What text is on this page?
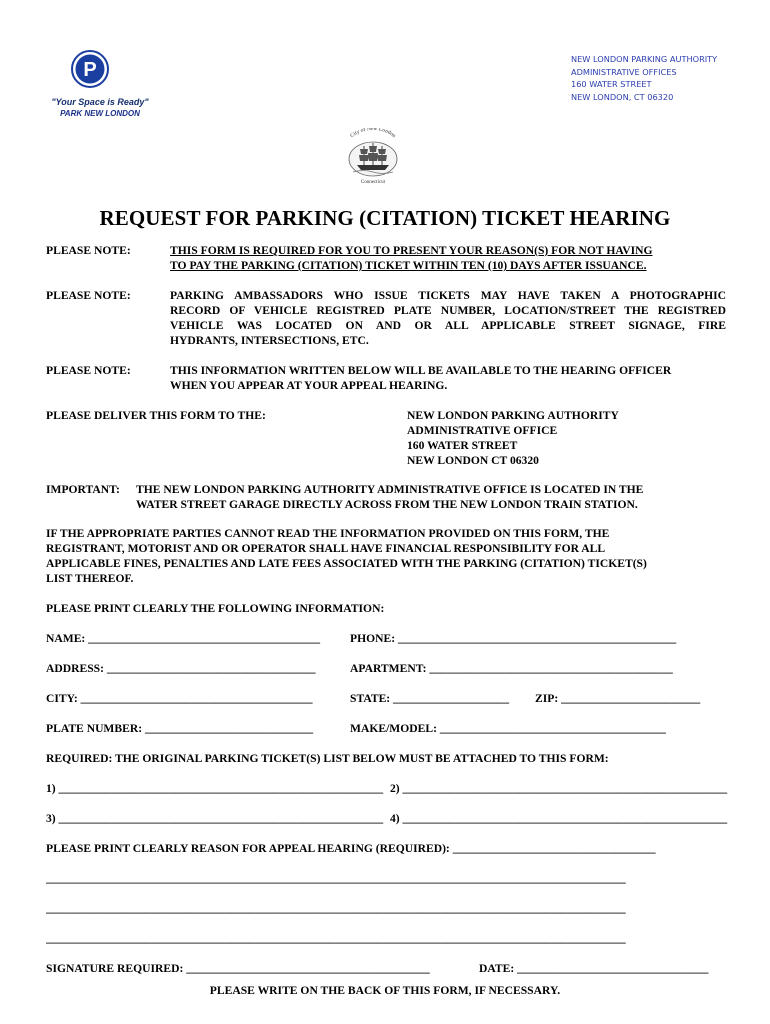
P
"Your Space is Ready"
PARK NEW LONDON
NEW LONDON PARKING AUTHORITY
ADMINISTRATIVE OFFICES
160 WATER STREET
NEW LONDON, CT 06320
City of New London
Connecticut
REQUEST FOR PARKING (CITATION) TICKET HEARING
PLEASE NOTE:	THIS FORM IS REQUIRED FOR YOU TO PRESENT YOUR REASON(S) FOR NOT HAVING
TO PAY THE PARKING (CITATION) TICKET WITHIN TEN (10) DAYS AFTER ISSUANCE.
PLEASE NOTE:	PARKING AMBASSADORS WHO ISSUE TICKETS MAY HAVE TAKEN A PHOTOGRAPHIC
RECORD OF VEHICLE REGISTRED PLATE NUMBER, LOCATION/STREET THE REGISTRED
VEHICLE WAS LOCATED ON AND OR ALL APPLICABLE STREET SIGNAGE, FIRE
HYDRANTS, INTERSECTIONS, ETC.
PLEASE NOTE:	THIS INFORMATION WRITTEN BELOW WILL BE AVAILABLE TO THE HEARING OFFICER
WHEN YOU APPEAR AT YOUR APPEAL HEARING.
PLEASE DELIVER THIS FORM TO THE:	NEW LONDON PARKING AUTHORITY
ADMINISTRATIVE OFFICE
160 WATER STREET
NEW LONDON CT 06320
IMPORTANT: THE NEW LONDON PARKING AUTHORITY ADMINISTRATIVE OFFICE IS LOCATED IN THE
WATER STREET GARAGE DIRECTLY ACROSS FROM THE NEW LONDON TRAIN STATION.
IF THE APPROPRIATE PARTIES CANNOT READ THE INFORMATION PROVIDED ON THIS FORM, THE
REGISTRANT, MOTORIST AND OR OPERATOR SHALL HAVE FINANCIAL RESPONSIBILITY FOR ALL
APPLICABLE FINES, PENALTIES AND LATE FEES ASSOCIATED WITH THE PARKING (CITATION) TICKET(S)
LIST THEREOF.
PLEASE PRINT CLEARLY THE FOLLOWING INFORMATION:
NAME: ________________________________________	PHONE: ________________________________________________
ADDRESS: ____________________________________	APARTMENT: __________________________________________
CITY: ________________________________________	STATE: ____________________ ZIP: ________________________
PLATE NUMBER: _____________________________	MAKE/MODEL: _______________________________________
REQUIRED: THE ORIGINAL PARKING TICKET(S) LIST BELOW MUST BE ATTACHED TO THIS FORM:
1) ________________________________________________________ 2) ________________________________________________________
3) ________________________________________________________ 4) ________________________________________________________
PLEASE PRINT CLEARLY REASON FOR APPEAL HEARING (REQUIRED): ___________________________________
____________________________________________________________________________________________________
____________________________________________________________________________________________________
____________________________________________________________________________________________________
SIGNATURE REQUIRED: __________________________________________	DATE: _________________________________
PLEASE WRITE ON THE BACK OF THIS FORM, IF NECESSARY.
